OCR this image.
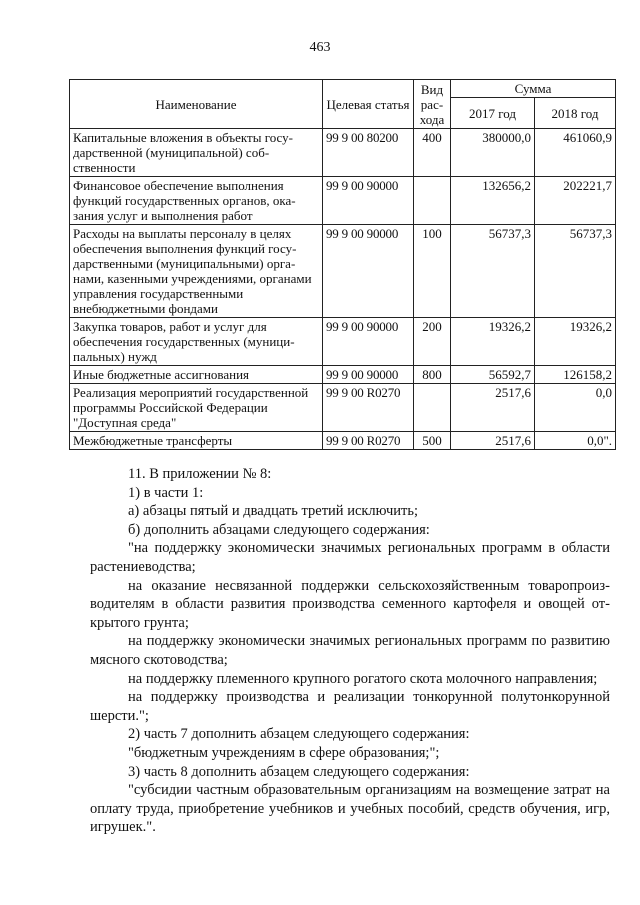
463
Наименование	Целевая статья	Вид расхода	Сумма	
			2017 год	2018 год
Капитальные вложения в объекты государственной (муниципальной) собственности	99 9 00 80200	400	380000,0	461060,9
Финансовое обеспечение выполнения функций государственных органов, оказания услуг и выполнения работ	99 9 00 90000		132656,2	202221,7
Расходы на выплаты персоналу в целях обеспечения выполнения функций государственными (муниципальными) органами, казенными учреждениями, органами управления государственными внебюджетными фондами	99 9 00 90000	100	56737,3	56737,3
Закупка товаров, работ и услуг для обеспечения государственных (муниципальных) нужд	99 9 00 90000	200	19326,2	19326,2
Иные бюджетные ассигнования	99 9 00 90000	800	56592,7	126158,2
Реализация мероприятий государственной программы Российской Федерации "Доступная среда"	99 9 00 R0270		2517,6	0,0
Межбюджетные трансферты	99 9 00 R0270	500	2517,6	0,0".

11. В приложении № 8:

1) в части 1:

а) абзацы пятый и двадцать третий исключить;

б) дополнить абзацами следующего содержания:

"на поддержку экономически значимых региональных программ в области растениеводства;

на оказание несвязанной поддержки сельскохозяйственным товаропроизводителям в области развития производства семенного картофеля и овощей открытого грунта;

на поддержку экономически значимых региональных программ по развитию мясного скотоводства;

на поддержку племенного крупного рогатого скота молочного направления;

на поддержку производства и реализации тонкорунной полутонкорунной шерсти.";

2) часть 7 дополнить абзацем следующего содержания:

"бюджетным учреждениям в сфере образования;";

3) часть 8 дополнить абзацем следующего содержания:

"субсидии частным образовательным организациям на возмещение затрат на оплату труда, приобретение учебников и учебных пособий, средств обучения, игр, игрушек.".
